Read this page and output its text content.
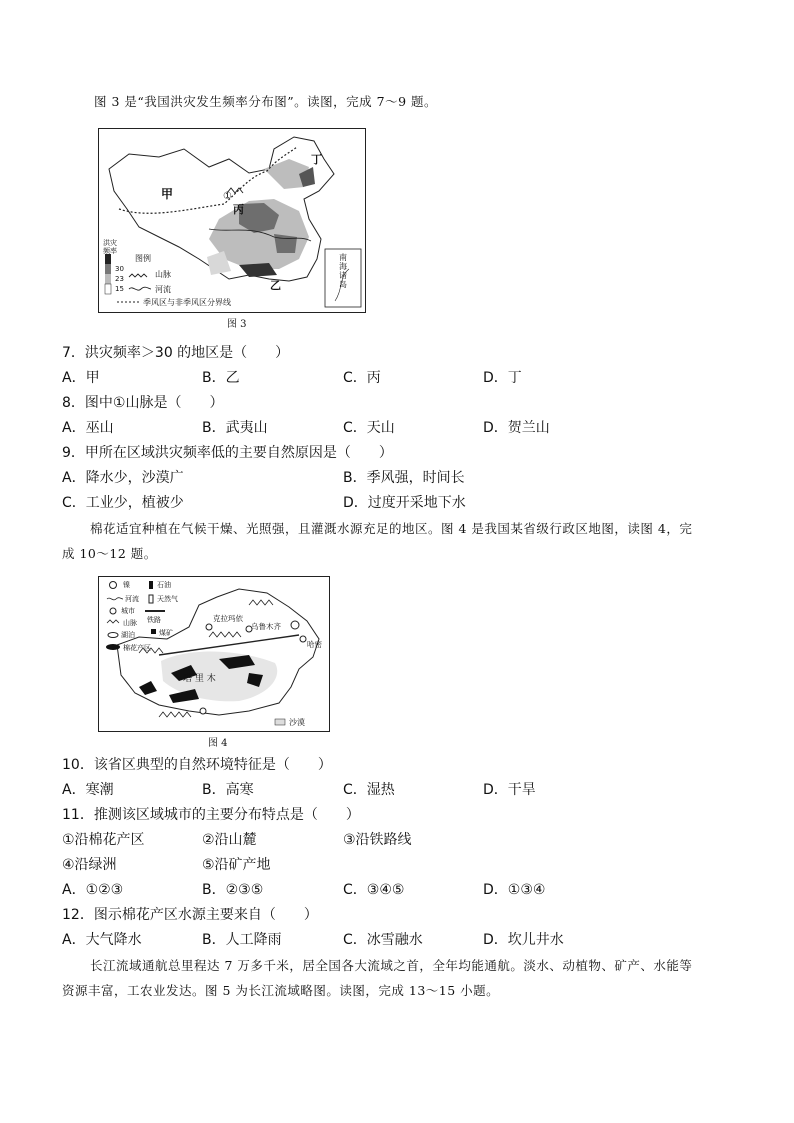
图 3 是“我国洪灾发生频率分布图”。读图，完成 7～9 题。
甲	①
丙
丁
乙
洪灾频率
30
23
15
图例
山脉
河流
季风区与非季风区分界线
南海诸岛
图 3
7．洪灾频率＞30 的地区是（　　）
A．甲	B．乙	C．丙	D．丁
8．图中①山脉是（　　）
A．巫山	B．武夷山	C．天山	D．贺兰山
9．甲所在区域洪灾频率低的主要自然原因是（　　）
A．降水少，沙漠广	B．季风强，时间长
C．工业少，植被少	D．过度开采地下水
棉花适宜种植在气候干燥、光照强，且灌溉水源充足的地区。图 4 是我国某省级行政区地图，读图 4，完
成 10～12 题。
镍	石油
河流	天然气
城市
山脉 铁路
湖泊	煤矿
棉花产区
克拉玛依
乌鲁木齐
哈密
塔 里 木
沙漠
图 4
10．该省区典型的自然环境特征是（　　）
A．寒潮	B．高寒	C．湿热	D．干旱
11．推测该区域城市的主要分布特点是（　　）
①沿棉花产区	②沿山麓	③沿铁路线
④沿绿洲	⑤沿矿产地
A．①②③	B．②③⑤	C．③④⑤	D．①③④
12．图示棉花产区水源主要来自（　　）
A．大气降水	B．人工降雨	C．冰雪融水	D．坎儿井水
长江流域通航总里程达 7 万多千米，居全国各大流域之首，全年均能通航。淡水、动植物、矿产、水能等
资源丰富，工农业发达。图 5 为长江流域略图。读图，完成 13～15 小题。
